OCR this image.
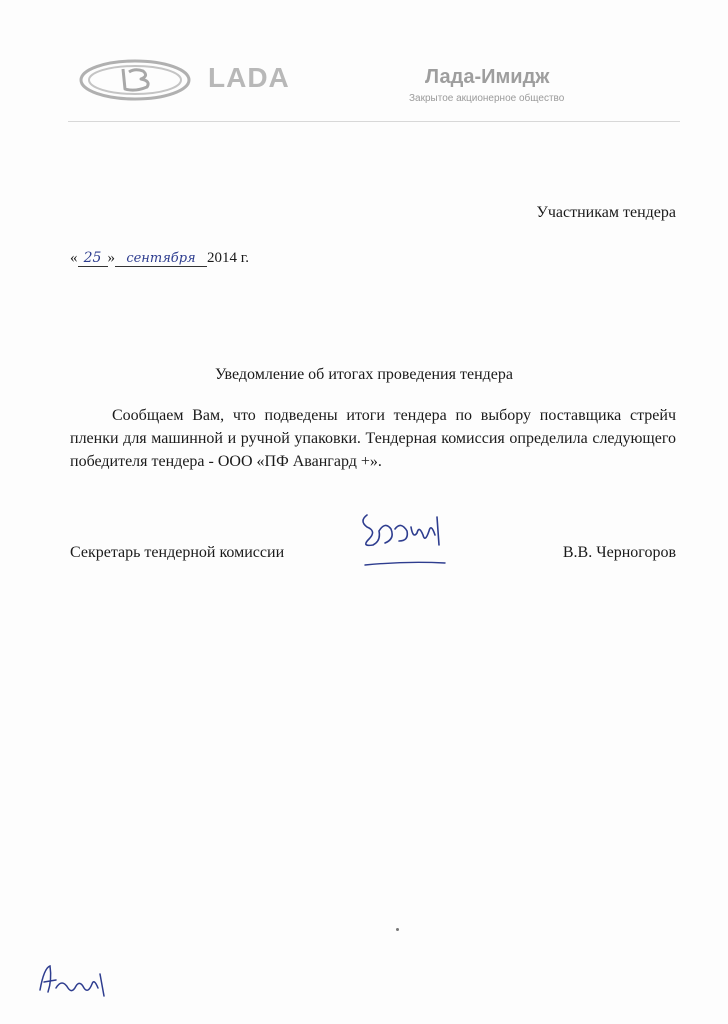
LADA	Лада-Имидж
Закрытое акционерное общество
Участникам тендера
« 25 » сентября 2014 г.
Уведомление об итогах проведения тендера
Сообщаем Вам, что подведены итоги тендера по выбору поставщика стрейч пленки для машинной и ручной упаковки. Тендерная комиссия определила следующего победителя тендера - ООО «ПФ Авангард +».
Секретарь тендерной комиссии	В.В. Черногоров
